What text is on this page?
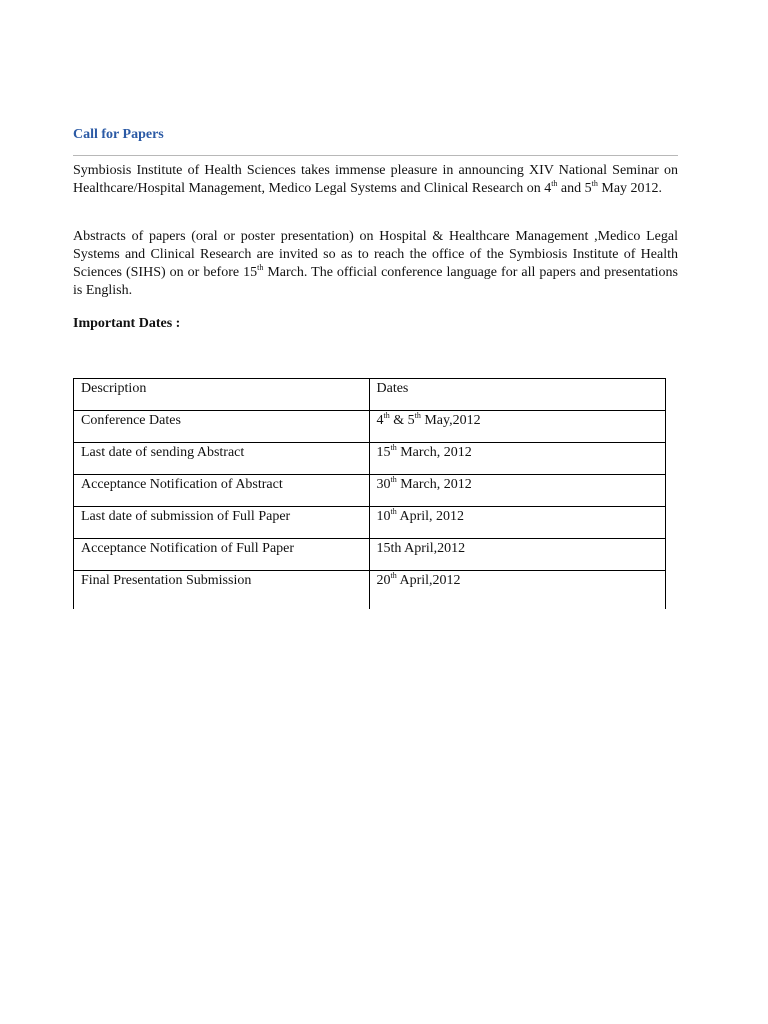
Call for Papers

Symbiosis Institute of Health Sciences takes immense pleasure in announcing XIV National Seminar on Healthcare/Hospital Management, Medico Legal Systems and Clinical Research on 4th and 5th May 2012.

Abstracts of papers (oral or poster presentation) on Hospital & Healthcare Management ,Medico Legal Systems and Clinical Research are invited so as to reach the office of the Symbiosis Institute of Health Sciences (SIHS) on or before 15th March. The official conference language for all papers and presentations is English.

Important Dates :

Description	Dates
Conference Dates	4th & 5th May,2012
Last date of sending Abstract	15th March, 2012
Acceptance Notification of Abstract	30th March, 2012
Last date of submission of Full Paper	10th April, 2012
Acceptance Notification of Full Paper	15th April,2012
Final Presentation Submission	20th April,2012
